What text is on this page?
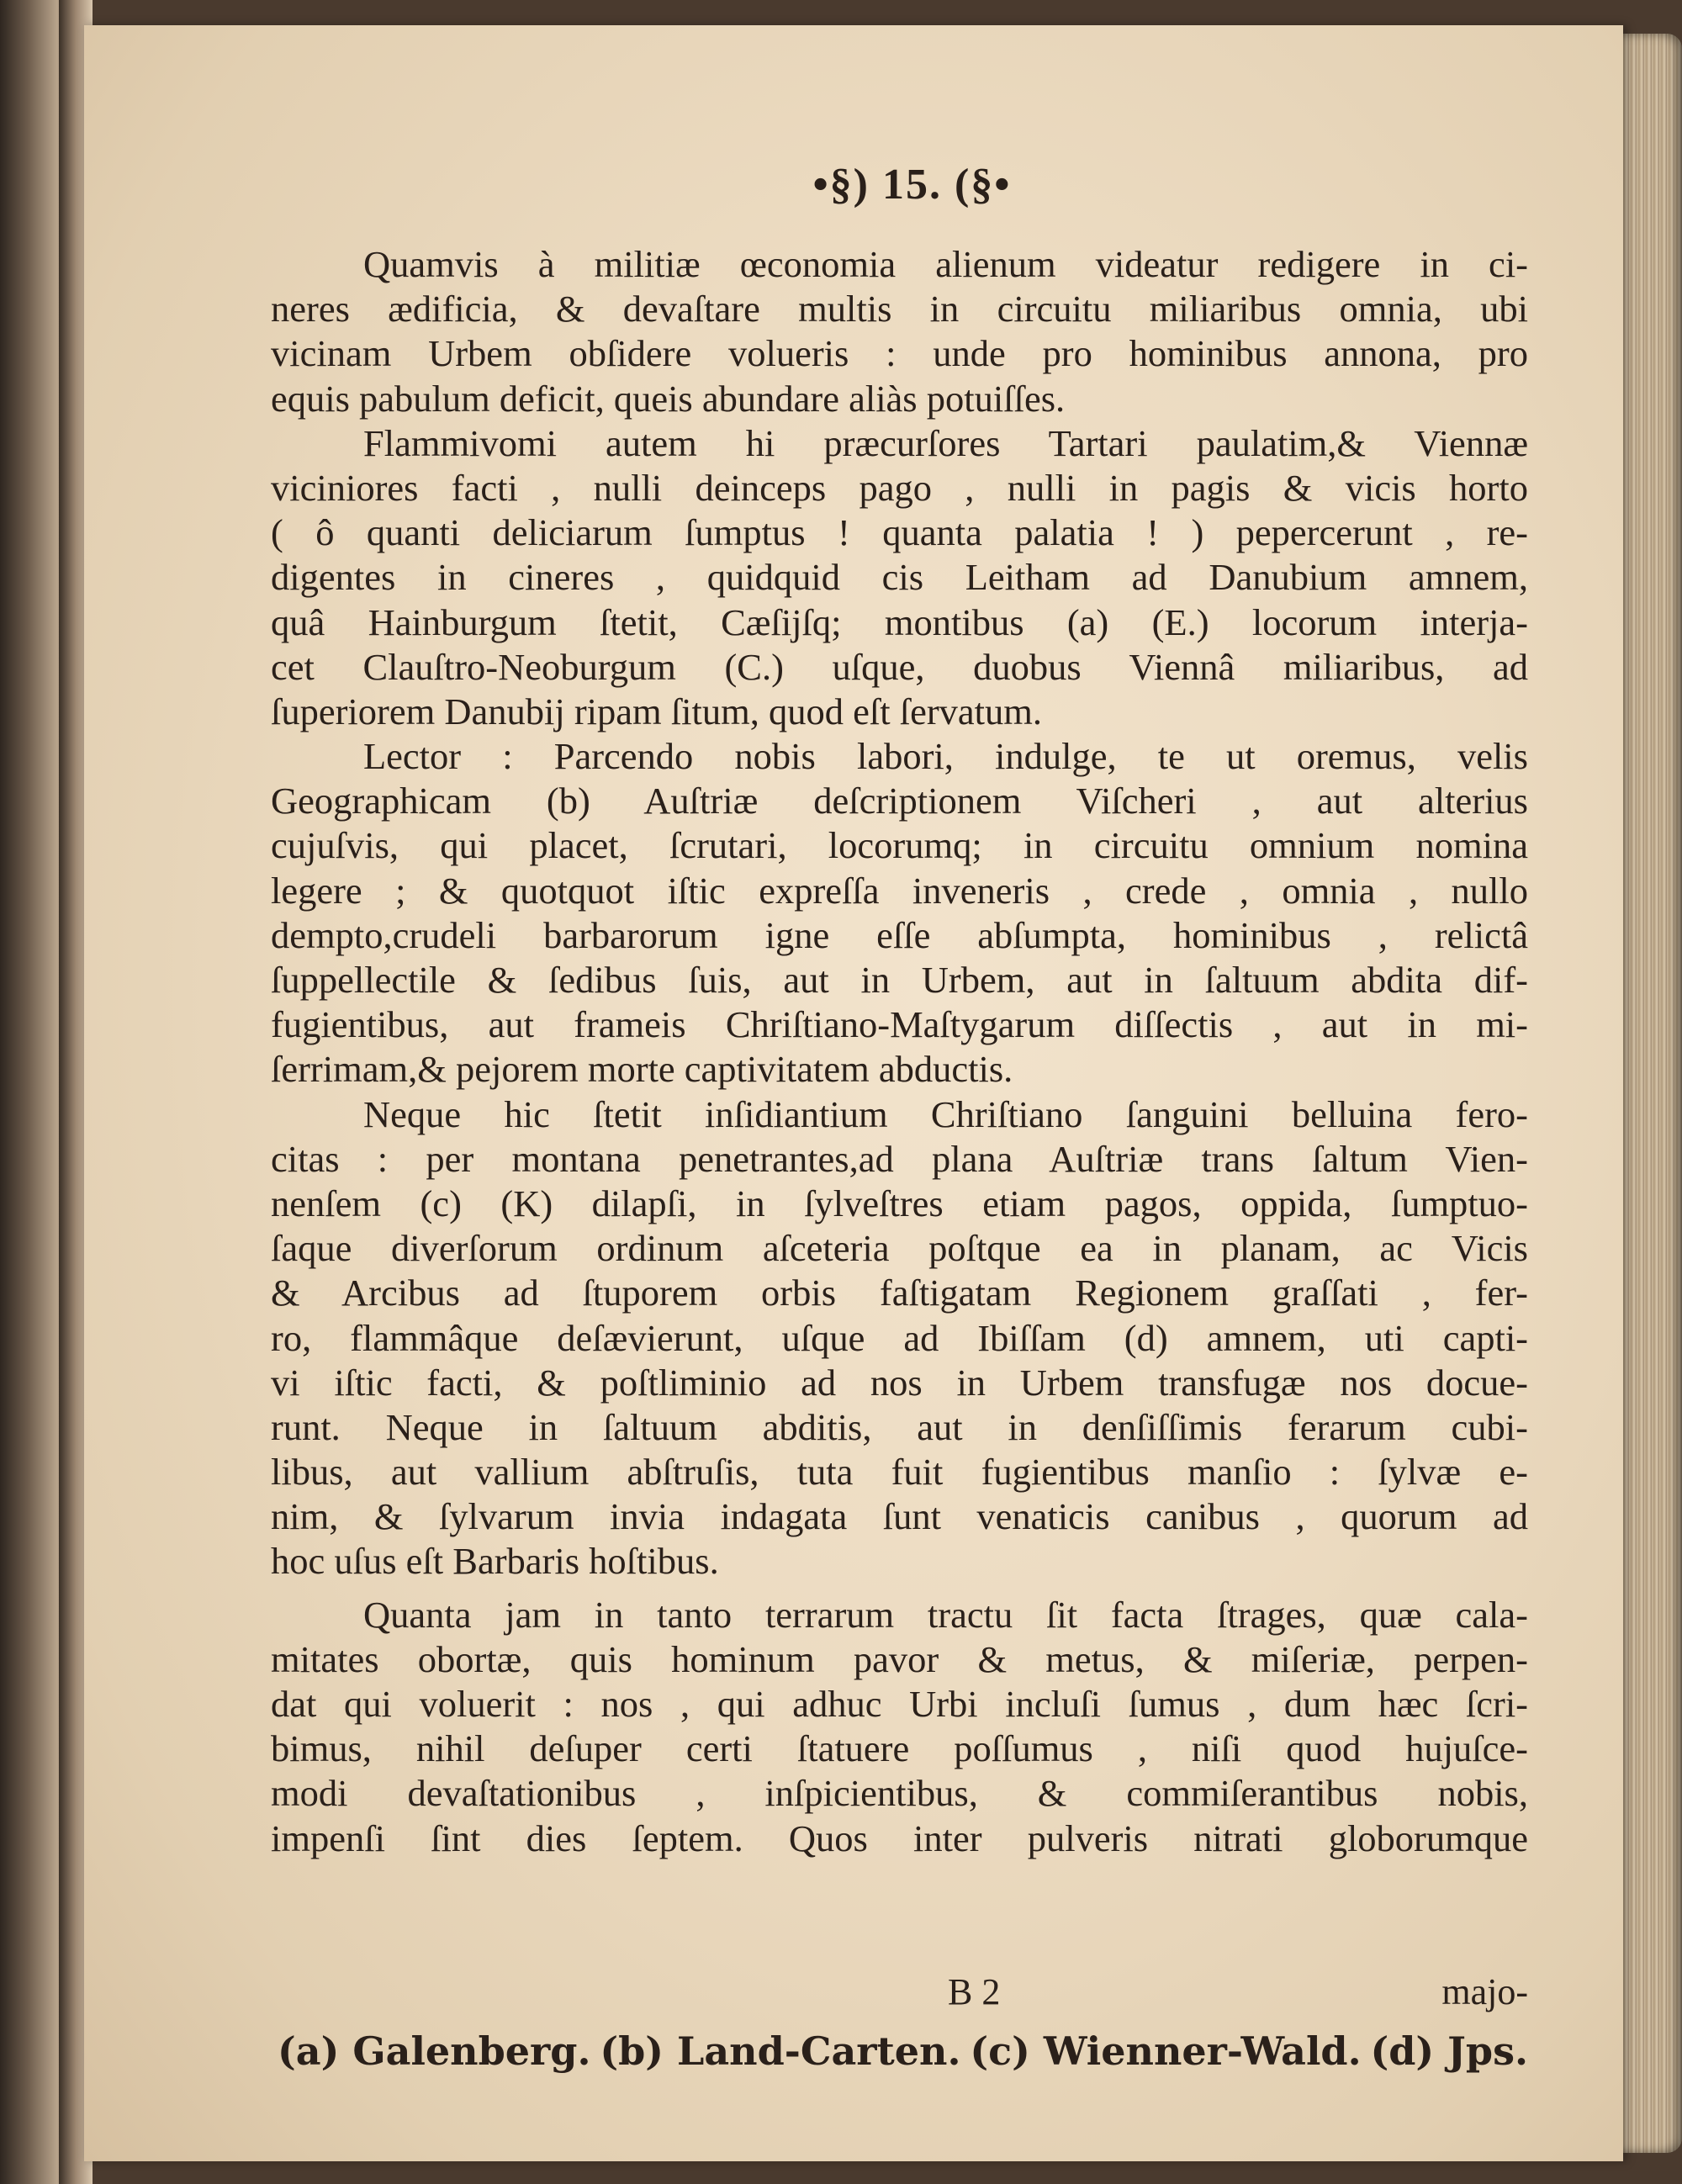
•§) 15. (§•
Quamvis à militiæ œconomia alienum videatur redigere in ci-
neres ædificia, & devaſtare multis in circuitu miliaribus omnia, ubi
vicinam Urbem obſidere volueris : unde pro hominibus annona, pro
equis pabulum deficit, queis abundare aliàs potuiſſes.
Flammivomi autem hi præcurſores Tartari paulatim,& Viennæ
viciniores facti , nulli deinceps pago , nulli in pagis & vicis horto
( ô quanti deliciarum ſumptus ! quanta palatia ! ) pepercerunt , re-
digentes in cineres , quidquid cis Leitham ad Danubium amnem,
quâ Hainburgum ſtetit, Cæſijſq; montibus (a) (E.) locorum interja-
cet Clauſtro-Neoburgum (C.) uſque, duobus Viennâ miliaribus, ad
ſuperiorem Danubij ripam ſitum, quod eſt ſervatum.
Lector : Parcendo nobis labori, indulge, te ut oremus, velis
Geographicam (b) Auſtriæ deſcriptionem Viſcheri , aut alterius
cujuſvis, qui placet, ſcrutari, locorumq; in circuitu omnium nomina
legere ; & quotquot iſtic expreſſa inveneris , crede , omnia , nullo
dempto,crudeli barbarorum igne eſſe abſumpta, hominibus , relictâ
ſuppellectile & ſedibus ſuis, aut in Urbem, aut in ſaltuum abdita dif-
fugientibus, aut frameis Chriſtiano-Maſtygarum diſſectis , aut in mi-
ſerrimam,& pejorem morte captivitatem abductis.
Neque hic ſtetit inſidiantium Chriſtiano ſanguini belluina fero-
citas : per montana penetrantes,ad plana Auſtriæ trans ſaltum Vien-
nenſem (c) (K) dilapſi, in ſylveſtres etiam pagos, oppida, ſumptuo-
ſaque diverſorum ordinum aſceteria poſtque ea in planam, ac Vicis
& Arcibus ad ſtuporem orbis faſtigatam Regionem graſſati , fer-
ro, flammâque deſævierunt, uſque ad Ibiſſam (d) amnem, uti capti-
vi iſtic facti, & poſtliminio ad nos in Urbem transfugæ nos docue-
runt. Neque in ſaltuum abditis, aut in denſiſſimis ferarum cubi-
libus, aut vallium abſtruſis, tuta fuit fugientibus manſio : ſylvæ e-
nim, & ſylvarum invia indagata ſunt venaticis canibus , quorum ad
hoc uſus eſt Barbaris hoſtibus.
Quanta jam in tanto terrarum tractu ſit facta ſtrages, quæ cala-
mitates obortæ, quis hominum pavor & metus, & miſeriæ, perpen-
dat qui voluerit : nos , qui adhuc Urbi incluſi ſumus , dum hæc ſcri-
bimus, nihil deſuper certi ſtatuere poſſumus , niſi quod hujuſce-
modi devaſtationibus , inſpicientibus, & commiſerantibus nobis,
impenſi ſint dies ſeptem. Quos inter pulveris nitrati globorumque
B 2	majo-
(a) Galenberg. (b) Land-Carten. (c) Wienner-Wald. (d) Jps.
